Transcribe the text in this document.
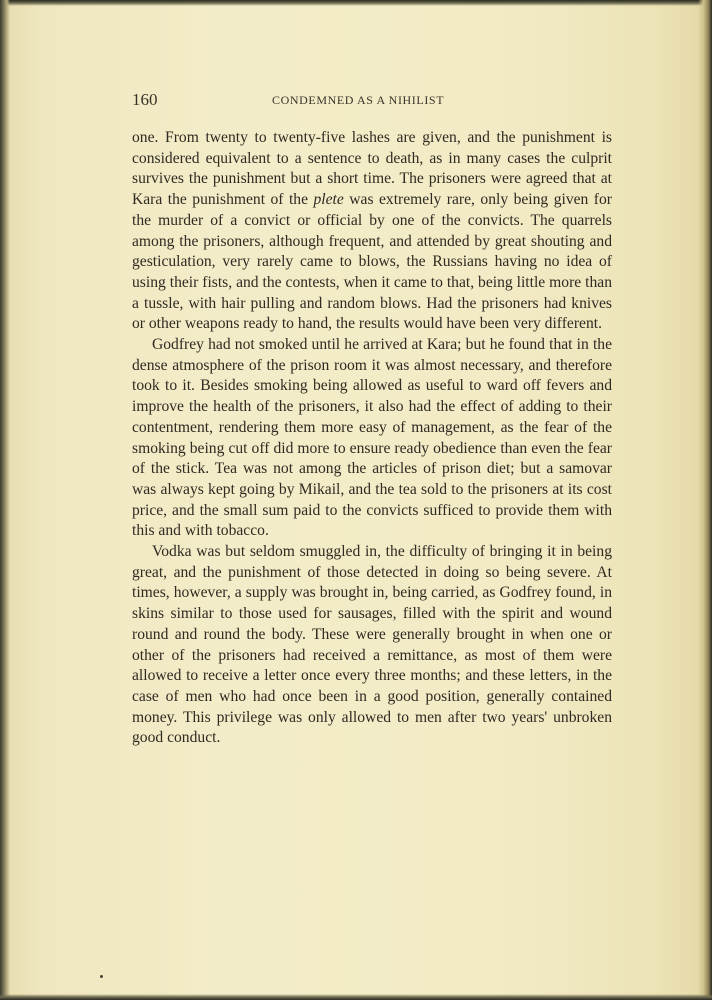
160	CONDEMNED AS A NIHILIST

one. From twenty to twenty-five lashes are given, and the punishment is considered equivalent to a sentence to death, as in many cases the culprit survives the punishment but a short time. The prisoners were agreed that at Kara the punishment of the plete was extremely rare, only being given for the murder of a convict or official by one of the convicts. The quarrels among the prisoners, although frequent, and attended by great shouting and gesticulation, very rarely came to blows, the Russians having no idea of using their fists, and the contests, when it came to that, being little more than a tussle, with hair pulling and random blows. Had the prisoners had knives or other weapons ready to hand, the results would have been very different.

Godfrey had not smoked until he arrived at Kara; but he found that in the dense atmosphere of the prison room it was almost necessary, and therefore took to it. Besides smoking being allowed as useful to ward off fevers and improve the health of the prisoners, it also had the effect of adding to their contentment, rendering them more easy of management, as the fear of the smoking being cut off did more to ensure ready obedience than even the fear of the stick. Tea was not among the articles of prison diet; but a samovar was always kept going by Mikail, and the tea sold to the prisoners at its cost price, and the small sum paid to the convicts sufficed to provide them with this and with tobacco.

Vodka was but seldom smuggled in, the difficulty of bringing it in being great, and the punishment of those detected in doing so being severe. At times, however, a supply was brought in, being carried, as Godfrey found, in skins similar to those used for sausages, filled with the spirit and wound round and round the body. These were generally brought in when one or other of the prisoners had received a remittance, as most of them were allowed to receive a letter once every three months; and these letters, in the case of men who had once been in a good position, generally contained money. This privilege was only allowed to men after two years' unbroken good conduct.
